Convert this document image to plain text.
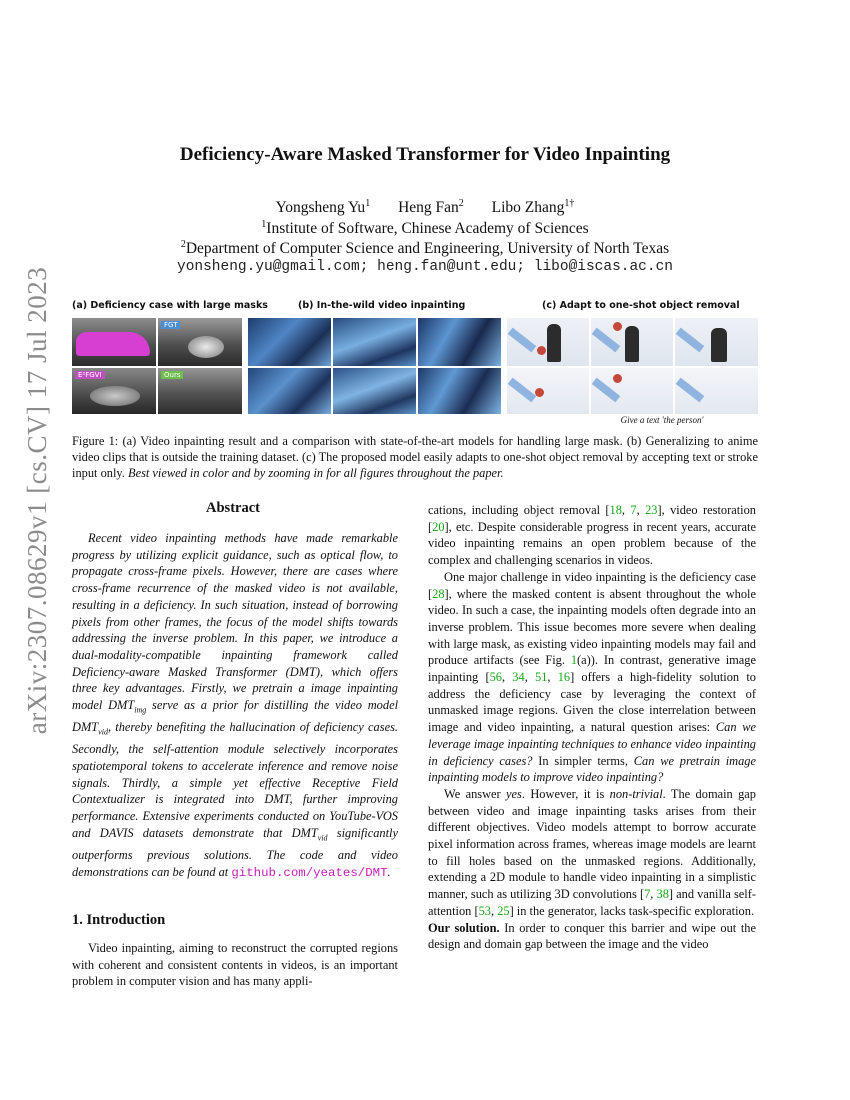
arXiv:2307.08629v1 [cs.CV] 17 Jul 2023
Deficiency-Aware Masked Transformer for Video Inpainting
Yongsheng Yu$^1$ Heng Fan$^2$ Libo Zhang$^{1\dagger}$
$^1$Institute of Software, Chinese Academy of Sciences
$^2$Department of Computer Science and Engineering, University of North Texas
yonsheng.yu@gmail.com; heng.fan@unt.edu; libo@iscas.ac.cn
(a) Deficiency case with large masks	(b) In-the-wild video inpainting	(c) Adapt to one-shot object removal
FGT
E²FGVI	Ours
Give a text 'the person'
Figure 1: (a) Video inpainting result and a comparison with state-of-the-art models for handling large mask. (b) Generalizing to anime video clips that is outside the training dataset. (c) The proposed model easily adapts to one-shot object removal by accepting text or stroke input only. Best viewed in color and by zooming in for all figures throughout the paper.
Abstract

Recent video inpainting methods have made remarkable progress by utilizing explicit guidance, such as optical flow, to propagate cross-frame pixels. However, there are cases where cross-frame recurrence of the masked video is not available, resulting in a deficiency. In such situation, instead of borrowing pixels from other frames, the focus of the model shifts towards addressing the inverse problem. In this paper, we introduce a dual-modality-compatible inpainting framework called Deficiency-aware Masked Transformer (DMT), which offers three key advantages. Firstly, we pretrain a image inpainting model $DMT_{img}$ serve as a prior for distilling the video model $DMT_{vid}$, thereby benefiting the hallucination of deficiency cases. Secondly, the self-attention module selectively incorporates spatiotemporal tokens to accelerate inference and remove noise signals. Thirdly, a simple yet effective Receptive Field Contextualizer is integrated into DMT, further improving performance. Extensive experiments conducted on YouTube-VOS and DAVIS datasets demonstrate that $DMT_{vid}$ significantly outperforms previous solutions. The code and video demonstrations can be found at github.com/yeates/DMT.

1. Introduction

Video inpainting, aiming to reconstruct the corrupted regions with coherent and consistent contents in videos, is an important problem in computer vision and has many appli-

cations, including object removal [18, 7, 23], video restoration [20], etc. Despite considerable progress in recent years, accurate video inpainting remains an open problem because of the complex and challenging scenarios in videos.

One major challenge in video inpainting is the deficiency case [28], where the masked content is absent throughout the whole video. In such a case, the inpainting models often degrade into an inverse problem. This issue becomes more severe when dealing with large mask, as existing video inpainting models may fail and produce artifacts (see Fig. 1(a)). In contrast, generative image inpainting [56, 34, 51, 16] offers a high-fidelity solution to address the deficiency case by leveraging the context of unmasked image regions. Given the close interrelation between image and video inpainting, a natural question arises: Can we leverage image inpainting techniques to enhance video inpainting in deficiency cases? In simpler terms, Can we pretrain image inpainting models to improve video inpainting?

We answer yes. However, it is non-trivial. The domain gap between video and image inpainting tasks arises from their different objectives. Video models attempt to borrow accurate pixel information across frames, whereas image models are learnt to fill holes based on the unmasked regions. Additionally, extending a 2D module to handle video inpainting in a simplistic manner, such as utilizing 3D convolutions [7, 38] and vanilla self-attention [53, 25] in the generator, lacks task-specific exploration.

Our solution. In order to conquer this barrier and wipe out the design and domain gap between the image and the video
